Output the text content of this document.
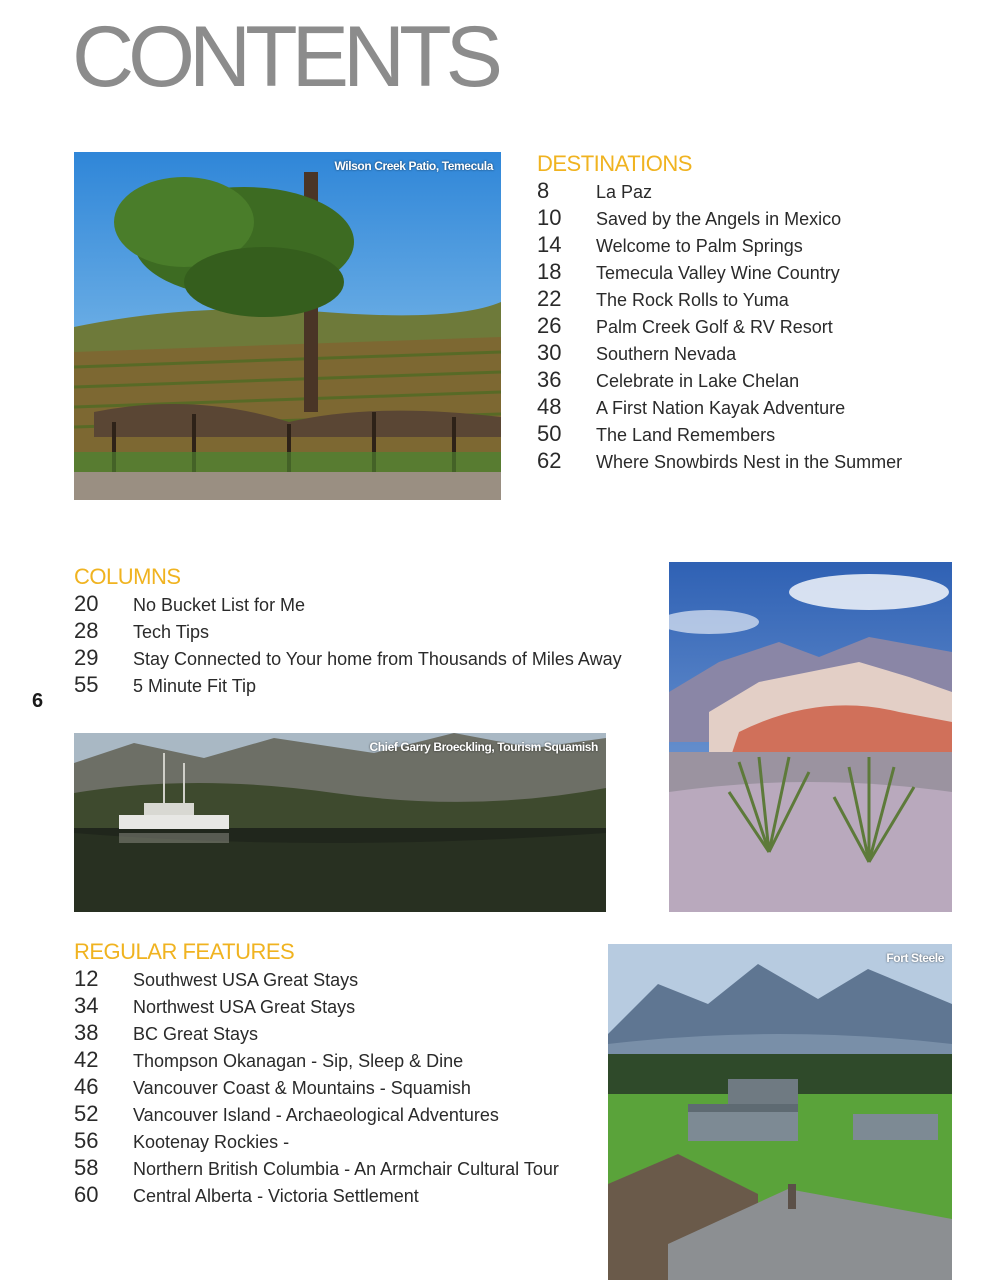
CONTENTS
6
DESTINATIONS
8	La Paz
10	Saved by the Angels in Mexico
14	Welcome to Palm Springs
18	Temecula Valley Wine Country
22	The Rock Rolls to Yuma
26	Palm Creek Golf & RV Resort
30	Southern Nevada
36	Celebrate in Lake Chelan
48	A First Nation Kayak Adventure
50	The Land Remembers
62	Where Snowbirds Nest in the Summer
COLUMNS
20	No Bucket List for Me
28	Tech Tips
29	Stay Connected to Your home from Thousands of Miles Away
55	5 Minute Fit Tip
REGULAR FEATURES
12	Southwest USA Great Stays
34	Northwest USA Great Stays
38	BC Great Stays
42	Thompson Okanagan - Sip, Sleep & Dine
46	Vancouver Coast & Mountains - Squamish
52	Vancouver Island - Archaeological Adventures
56	Kootenay Rockies -
58	Northern British Columbia - An Armchair Cultural Tour
60	Central Alberta - Victoria Settlement
Wilson Creek Patio, Temecula
Chief Garry Broeckling, Tourism Squamish
Fort Steele
